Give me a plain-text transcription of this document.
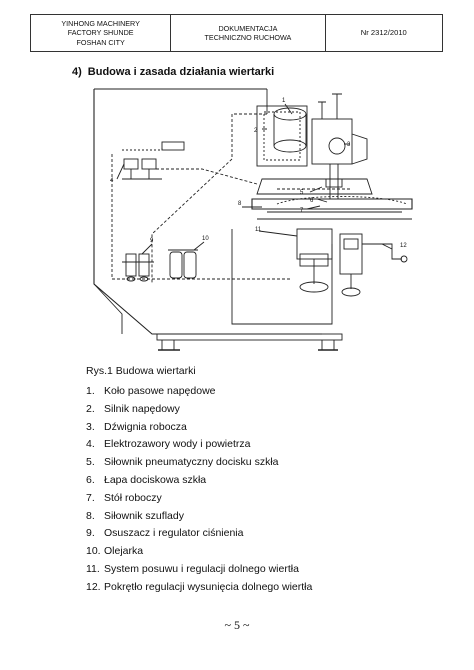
YINHONG MACHINERY
FACTORY SHUNDE
FOSHAN CITY
DOKUMENTACJA
TECHNICZNO RUCHOWA
Nr 2312/2010
4) Budowa i zasada działania wiertarki
1
2
3
4
5
6
7
8
9	10
11
12
Rys.1 Budowa wiertarki
1. Koło pasowe napędowe
2. Silnik napędowy
3. Dźwignia robocza
4. Elektrozawory wody i powietrza
5. Siłownik pneumatyczny docisku szkła
6. Łapa dociskowa szkła
7. Stół roboczy
8. Siłownik szuflady
9. Osuszacz i regulator ciśnienia
10. Olejarka
11. System posuwu i regulacji dolnego wiertła
12. Pokrętło regulacji wysunięcia dolnego wiertła
~ 5 ~
